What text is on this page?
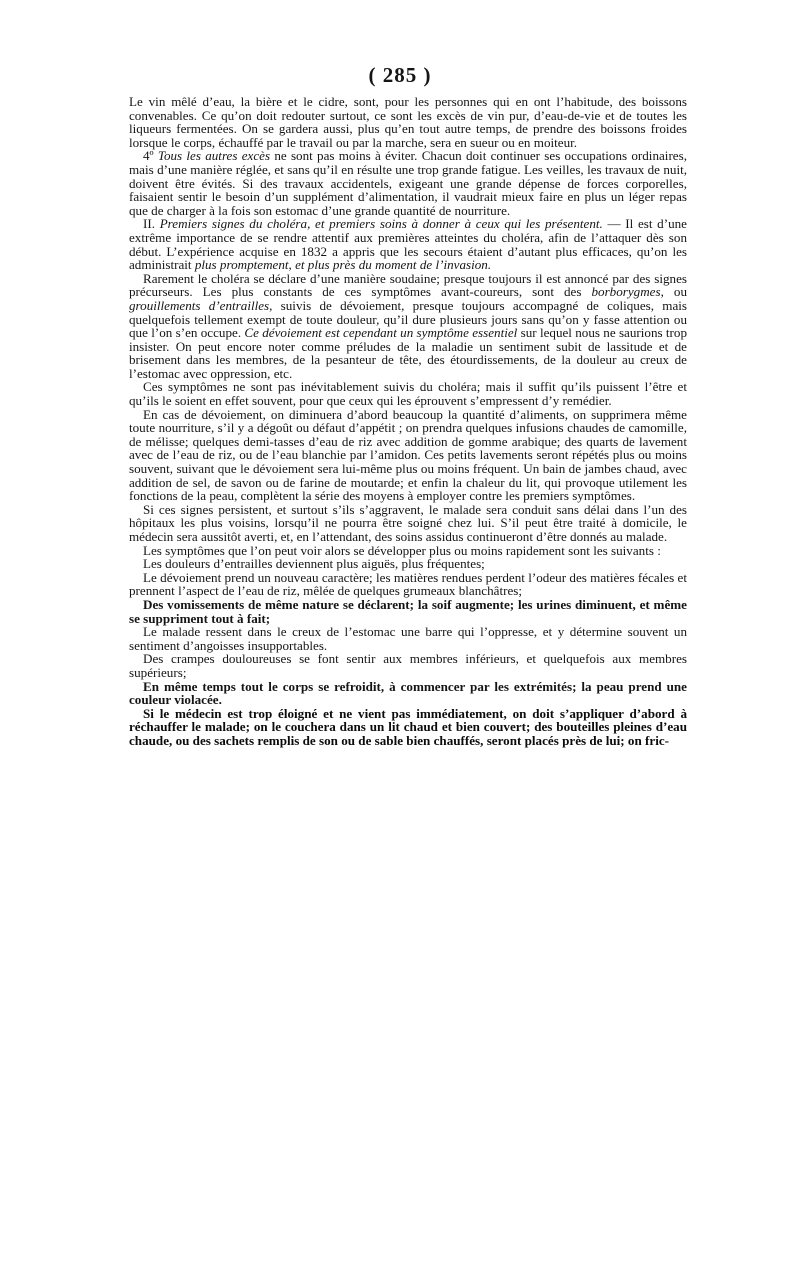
( 285 )

Le vin mêlé d’eau, la bière et le cidre, sont, pour les personnes qui en ont l’habitude, des boissons convenables. Ce qu’on doit redouter surtout, ce sont les excès de vin pur, d’eau-de-vie et de toutes les liqueurs fermentées. On se gardera aussi, plus qu’en tout autre temps, de prendre des boissons froides lorsque le corps, échauffé par le travail ou par la marche, sera en sueur ou en moiteur.

4º Tous les autres excès ne sont pas moins à éviter. Chacun doit continuer ses occupations ordinaires, mais d’une manière réglée, et sans qu’il en résulte une trop grande fatigue. Les veilles, les travaux de nuit, doivent être évités. Si des travaux accidentels, exigeant une grande dépense de forces corporelles, faisaient sentir le besoin d’un supplément d’alimentation, il vaudrait mieux faire en plus un léger repas que de charger à la fois son estomac d’une grande quantité de nourriture.

II. Premiers signes du choléra, et premiers soins à donner à ceux qui les présentent. — Il est d’une extrême importance de se rendre attentif aux premières atteintes du choléra, afin de l’attaquer dès son début. L’expérience acquise en 1832 a appris que les secours étaient d’autant plus efficaces, qu’on les administrait plus promptement, et plus près du moment de l’invasion.

Rarement le choléra se déclare d’une manière soudaine; presque toujours il est annoncé par des signes précurseurs. Les plus constants de ces symptômes avant-coureurs, sont des borborygmes, ou grouillements d’entrailles, suivis de dévoiement, presque toujours accompagné de coliques, mais quelquefois tellement exempt de toute douleur, qu’il dure plusieurs jours sans qu’on y fasse attention ou que l’on s’en occupe. Ce dévoiement est cependant un symptôme essentiel sur lequel nous ne saurions trop insister. On peut encore noter comme préludes de la maladie un sentiment subit de lassitude et de brisement dans les membres, de la pesanteur de tête, des étourdissements, de la douleur au creux de l’estomac avec oppression, etc.

Ces symptômes ne sont pas inévitablement suivis du choléra; mais il suffit qu’ils puissent l’être et qu’ils le soient en effet souvent, pour que ceux qui les éprouvent s’empressent d’y remédier.

En cas de dévoiement, on diminuera d’abord beaucoup la quantité d’aliments, on supprimera même toute nourriture, s’il y a dégoût ou défaut d’appétit ; on prendra quelques infusions chaudes de camomille, de mélisse; quelques demi-tasses d’eau de riz avec addition de gomme arabique; des quarts de lavement avec de l’eau de riz, ou de l’eau blanchie par l’amidon. Ces petits lavements seront répétés plus ou moins souvent, suivant que le dévoiement sera lui-même plus ou moins fréquent. Un bain de jambes chaud, avec addition de sel, de savon ou de farine de moutarde; et enfin la chaleur du lit, qui provoque utilement les fonctions de la peau, complètent la série des moyens à employer contre les premiers symptômes.

Si ces signes persistent, et surtout s’ils s’aggravent, le malade sera conduit sans délai dans l’un des hôpitaux les plus voisins, lorsqu’il ne pourra être soigné chez lui. S’il peut être traité à domicile, le médecin sera aussitôt averti, et, en l’attendant, des soins assidus continueront d’être donnés au malade.

Les symptômes que l’on peut voir alors se développer plus ou moins rapidement sont les suivants :

Les douleurs d’entrailles deviennent plus aiguës, plus fréquentes;

Le dévoiement prend un nouveau caractère; les matières rendues perdent l’odeur des matières fécales et prennent l’aspect de l’eau de riz, mêlée de quelques grumeaux blanchâtres;

Des vomissements de même nature se déclarent; la soif augmente; les urines diminuent, et même se suppriment tout à fait;

Le malade ressent dans le creux de l’estomac une barre qui l’oppresse, et y détermine souvent un sentiment d’angoisses insupportables.

Des crampes douloureuses se font sentir aux membres inférieurs, et quelquefois aux membres supérieurs;

En même temps tout le corps se refroidit, à commencer par les extrémités; la peau prend une couleur violacée.

Si le médecin est trop éloigné et ne vient pas immédiatement, on doit s’appliquer d’abord à réchauffer le malade; on le couchera dans un lit chaud et bien couvert; des bouteilles pleines d’eau chaude, ou des sachets remplis de son ou de sable bien chauffés, seront placés près de lui; on fric-
